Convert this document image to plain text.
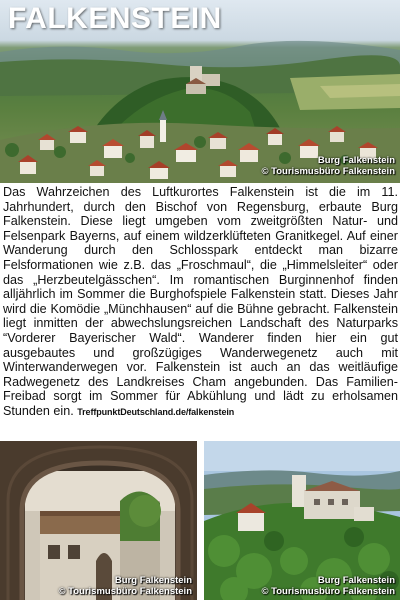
FALKENSTEIN
Burg Falkenstein
© Tourismusbüro Falkenstein

Das Wahrzeichen des Luftkurortes Falkenstein ist die im 11. Jahrhundert, durch den Bischof von Regensburg, erbaute Burg Falkenstein. Diese liegt umgeben vom zweitgrößten Natur- und Felsenpark Bayerns, auf einem wildzerklüfteten Granitkegel. Auf einer Wanderung durch den Schlosspark entdeckt man bizarre Felsformationen wie z.B. das „Froschmaul“, die „Himmelsleiter“ oder das „Herzbeutelgässchen“. Im romantischen Burginnenhof finden alljährlich im Sommer die Burghofspiele Falkenstein statt. Dieses Jahr wird die Komödie „Münchhausen“ auf die Bühne gebracht. Falkenstein liegt inmitten der abwechslungsreichen Landschaft des Naturparks “Vorderer Bayerischer Wald“. Wanderer finden hier ein gut ausgebautes und großzügiges Wanderwegenetz auch mit Winterwanderwegen vor. Falkenstein ist auch an das weitläufige Radwegenetz des Landkreises Cham angebunden. Das Familien-Freibad sorgt im Sommer für Abkühlung und lädt zu erholsamen Stunden ein. TreffpunktDeutschland.de/falkenstein

Burg Falkenstein
© Tourismusbüro Falkenstein
Burg Falkenstein
© Tourismusbüro Falkenstein
